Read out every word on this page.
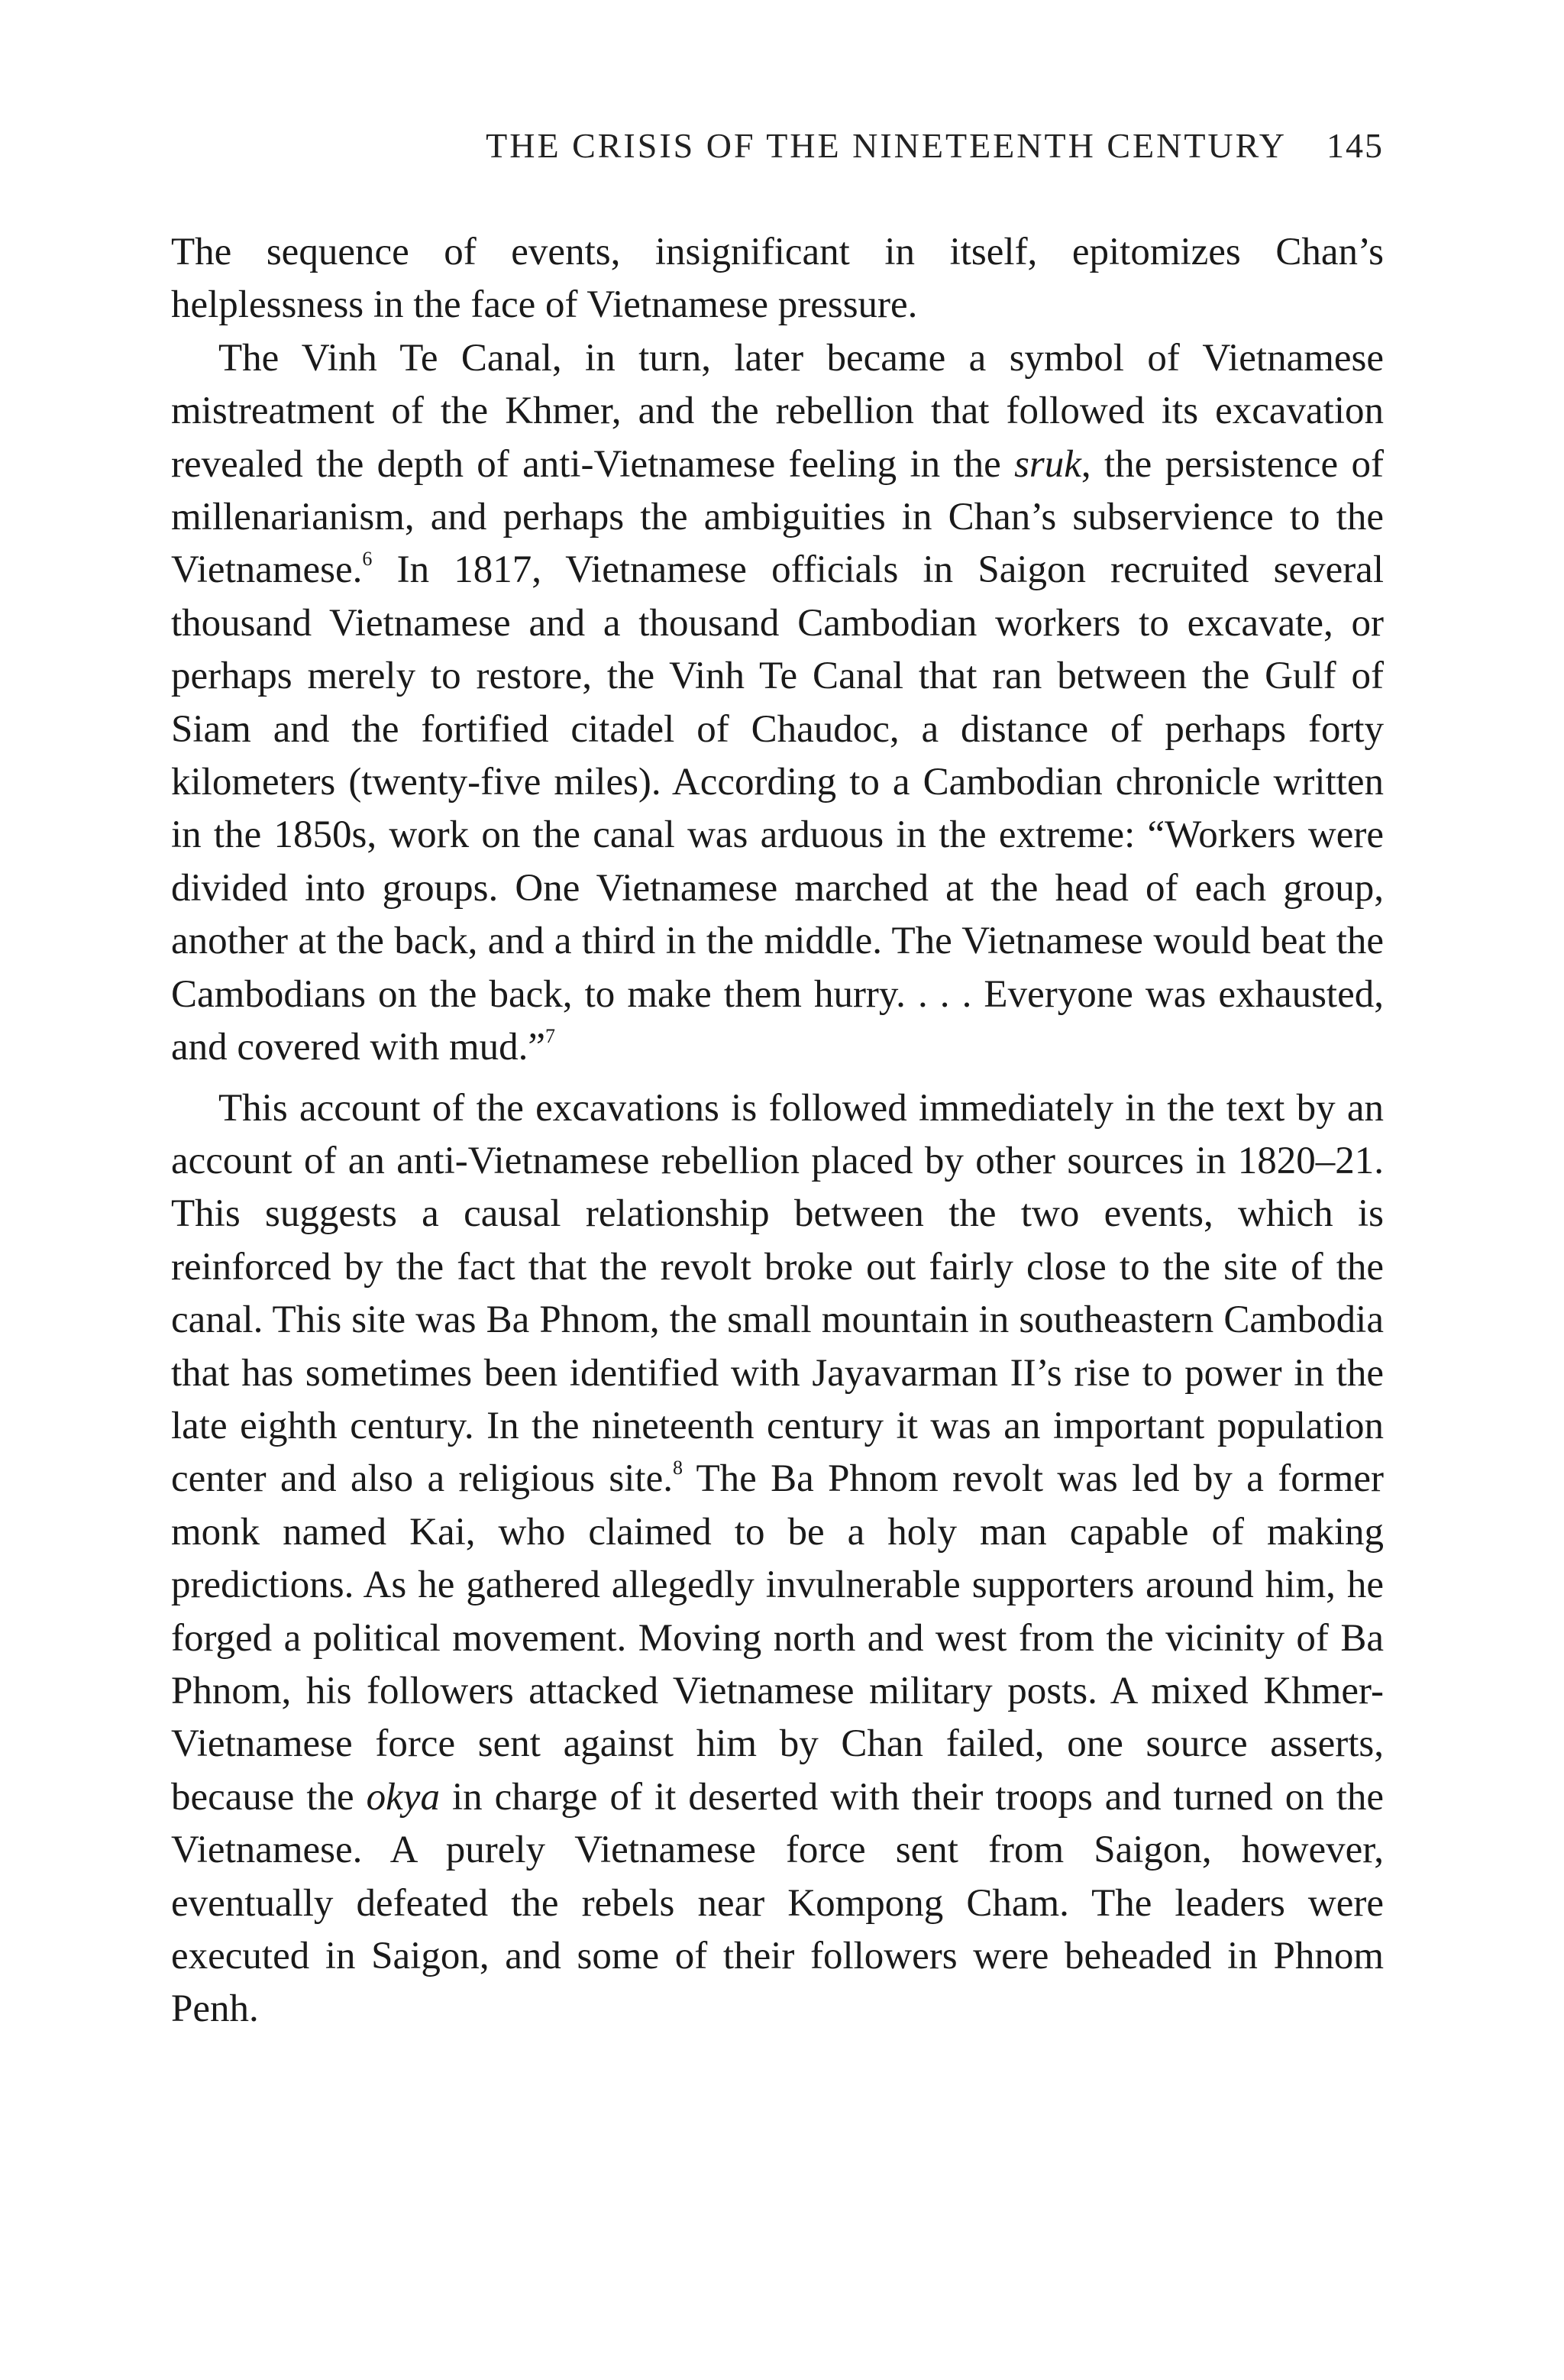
THE CRISIS OF THE NINETEENTH CENTURY 145

The sequence of events, insignificant in itself, epitomizes Chan’s helplessness in the face of Vietnamese pressure.

The Vinh Te Canal, in turn, later became a symbol of Vietnamese mistreatment of the Khmer, and the rebellion that followed its excavation revealed the depth of anti-Vietnamese feeling in the sruk, the persistence of millenarianism, and perhaps the ambiguities in Chan’s subservience to the Vietnamese.$^6$ In 1817, Vietnamese officials in Saigon recruited several thousand Vietnamese and a thousand Cambodian workers to excavate, or perhaps merely to restore, the Vinh Te Canal that ran between the Gulf of Siam and the fortified citadel of Chaudoc, a distance of perhaps forty kilometers (twenty-five miles). According to a Cambodian chronicle written in the 1850s, work on the canal was arduous in the extreme: “Workers were divided into groups. One Vietnamese marched at the head of each group, another at the back, and a third in the middle. The Vietnamese would beat the Cambodians on the back, to make them hurry. . . . Everyone was exhausted, and covered with mud.”$^7$

This account of the excavations is followed immediately in the text by an account of an anti-Vietnamese rebellion placed by other sources in 1820–21. This suggests a causal relationship between the two events, which is reinforced by the fact that the revolt broke out fairly close to the site of the canal. This site was Ba Phnom, the small mountain in southeastern Cambodia that has sometimes been identified with Jayavarman II’s rise to power in the late eighth century. In the nineteenth century it was an important population center and also a religious site.$^8$ The Ba Phnom revolt was led by a former monk named Kai, who claimed to be a holy man capable of making predictions. As he gathered allegedly invulnerable supporters around him, he forged a political movement. Moving north and west from the vicinity of Ba Phnom, his followers attacked Vietnamese military posts. A mixed Khmer-Vietnamese force sent against him by Chan failed, one source asserts, because the okya in charge of it deserted with their troops and turned on the Vietnamese. A purely Vietnamese force sent from Saigon, however, eventually defeated the rebels near Kompong Cham. The leaders were executed in Saigon, and some of their followers were beheaded in Phnom Penh.
